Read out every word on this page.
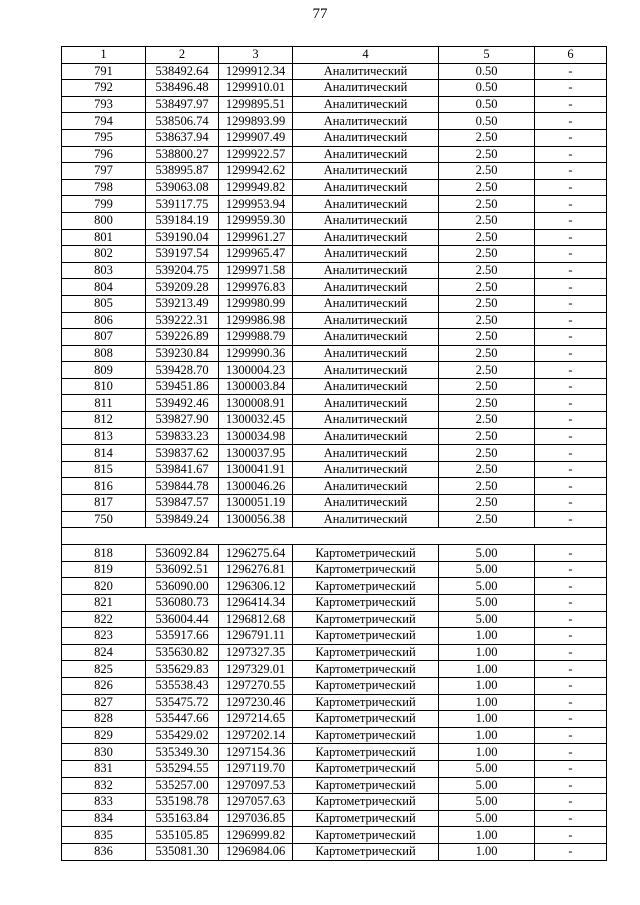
77
1	2	3	4	5	6
791	538492.64	1299912.34	Аналитический	0.50	-
792	538496.48	1299910.01	Аналитический	0.50	-
793	538497.97	1299895.51	Аналитический	0.50	-
794	538506.74	1299893.99	Аналитический	0.50	-
795	538637.94	1299907.49	Аналитический	2.50	-
796	538800.27	1299922.57	Аналитический	2.50	-
797	538995.87	1299942.62	Аналитический	2.50	-
798	539063.08	1299949.82	Аналитический	2.50	-
799	539117.75	1299953.94	Аналитический	2.50	-
800	539184.19	1299959.30	Аналитический	2.50	-
801	539190.04	1299961.27	Аналитический	2.50	-
802	539197.54	1299965.47	Аналитический	2.50	-
803	539204.75	1299971.58	Аналитический	2.50	-
804	539209.28	1299976.83	Аналитический	2.50	-
805	539213.49	1299980.99	Аналитический	2.50	-
806	539222.31	1299986.98	Аналитический	2.50	-
807	539226.89	1299988.79	Аналитический	2.50	-
808	539230.84	1299990.36	Аналитический	2.50	-
809	539428.70	1300004.23	Аналитический	2.50	-
810	539451.86	1300003.84	Аналитический	2.50	-
811	539492.46	1300008.91	Аналитический	2.50	-
812	539827.90	1300032.45	Аналитический	2.50	-
813	539833.23	1300034.98	Аналитический	2.50	-
814	539837.62	1300037.95	Аналитический	2.50	-
815	539841.67	1300041.91	Аналитический	2.50	-
816	539844.78	1300046.26	Аналитический	2.50	-
817	539847.57	1300051.19	Аналитический	2.50	-
750	539849.24	1300056.38	Аналитический	2.50	-

818	536092.84	1296275.64	Картометрический	5.00	-
819	536092.51	1296276.81	Картометрический	5.00	-
820	536090.00	1296306.12	Картометрический	5.00	-
821	536080.73	1296414.34	Картометрический	5.00	-
822	536004.44	1296812.68	Картометрический	5.00	-
823	535917.66	1296791.11	Картометрический	1.00	-
824	535630.82	1297327.35	Картометрический	1.00	-
825	535629.83	1297329.01	Картометрический	1.00	-
826	535538.43	1297270.55	Картометрический	1.00	-
827	535475.72	1297230.46	Картометрический	1.00	-
828	535447.66	1297214.65	Картометрический	1.00	-
829	535429.02	1297202.14	Картометрический	1.00	-
830	535349.30	1297154.36	Картометрический	1.00	-
831	535294.55	1297119.70	Картометрический	5.00	-
832	535257.00	1297097.53	Картометрический	5.00	-
833	535198.78	1297057.63	Картометрический	5.00	-
834	535163.84	1297036.85	Картометрический	5.00	-
835	535105.85	1296999.82	Картометрический	1.00	-
836	535081.30	1296984.06	Картометрический	1.00	-
